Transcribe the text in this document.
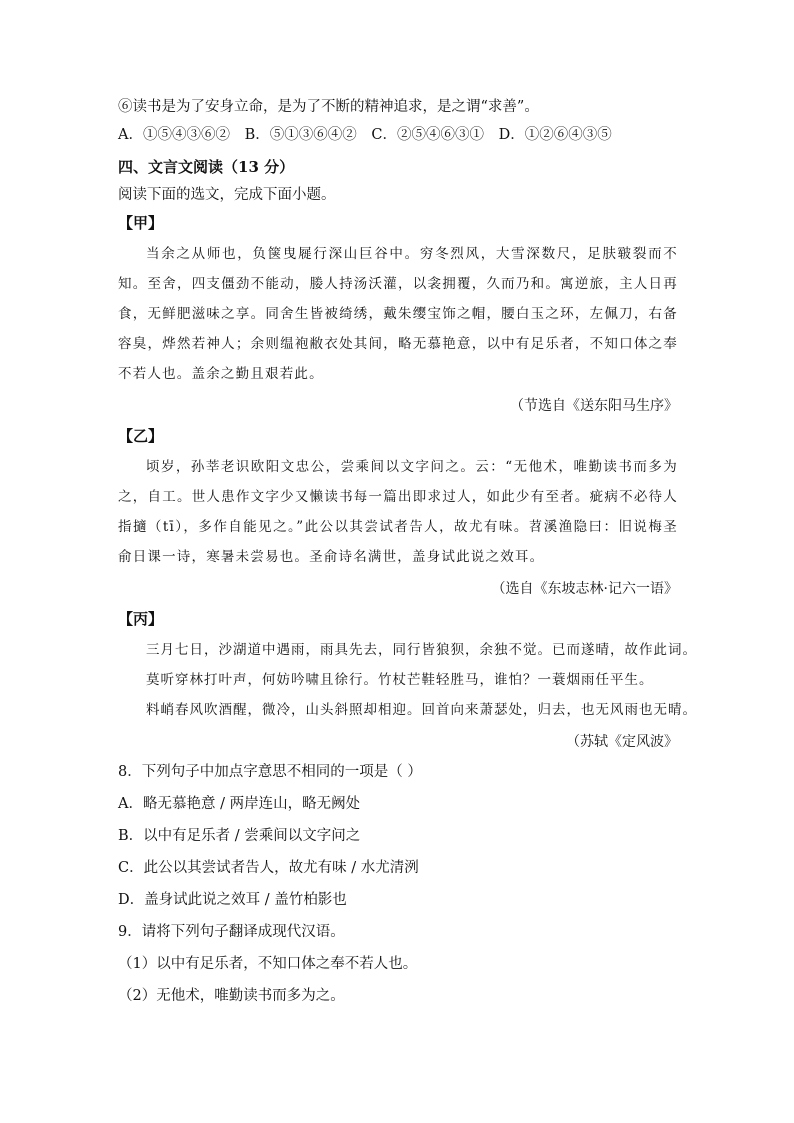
⑥读书是为了安身立命，是为了不断的精神追求，是之谓“求善”。

A．①⑤④③⑥② B．⑤①③⑥④② C．②⑤④⑥③① D．①②⑥④③⑤

四、文言文阅读（13 分）

阅读下面的选文，完成下面小题。

【甲】

当余之从师也，负箧曳屣行深山巨谷中。穷冬烈风，大雪深数尺，足肤皲裂而不知。至舍，四支僵劲不能动，媵人持汤沃灌，以衾拥覆，久而乃和。寓逆旅，主人日再食，无鲜肥滋味之享。同舍生皆被绮绣，戴朱缨宝饰之帽，腰白玉之环，左佩刀，右备容臭，烨然若神人；余则缊袍敝衣处其间，略无慕艳意，以中有足乐者，不知口体之奉不若人也。盖余之勤且艰若此。

（节选自《送东阳马生序》
【乙】

顷岁，孙莘老识欧阳文忠公，尝乘间以文字问之。云：“无他术，唯勤读书而多为之，自工。世人患作文字少又懒读书每一篇出即求过人，如此少有至者。疵病不必待人指擿（tī），多作自能见之。”此公以其尝试者告人，故尤有味。苕溪渔隐曰：旧说梅圣俞日课一诗，寒暑未尝易也。圣俞诗名满世，盖身试此说之效耳。

（选自《东坡志林·记六一语》
【丙】

三月七日，沙湖道中遇雨，雨具先去，同行皆狼狈，余独不觉。已而遂晴，故作此词。

莫听穿林打叶声，何妨吟啸且徐行。竹杖芒鞋轻胜马，谁怕？一蓑烟雨任平生。

料峭春风吹酒醒，微冷，山头斜照却相迎。回首向来萧瑟处，归去，也无风雨也无晴。

（苏轼《定风波》

8．下列句子中加点字意思不相同的一项是（ ）

A．略无慕艳意 / 两岸连山，略无阙处

B．以中有足乐者 / 尝乘间以文字问之

C．此公以其尝试者告人，故尤有味 / 水尤清洌

D．盖身试此说之效耳 / 盖竹柏影也

9．请将下列句子翻译成现代汉语。

（1）以中有足乐者，不知口体之奉不若人也。

（2）无他术，唯勤读书而多为之。
